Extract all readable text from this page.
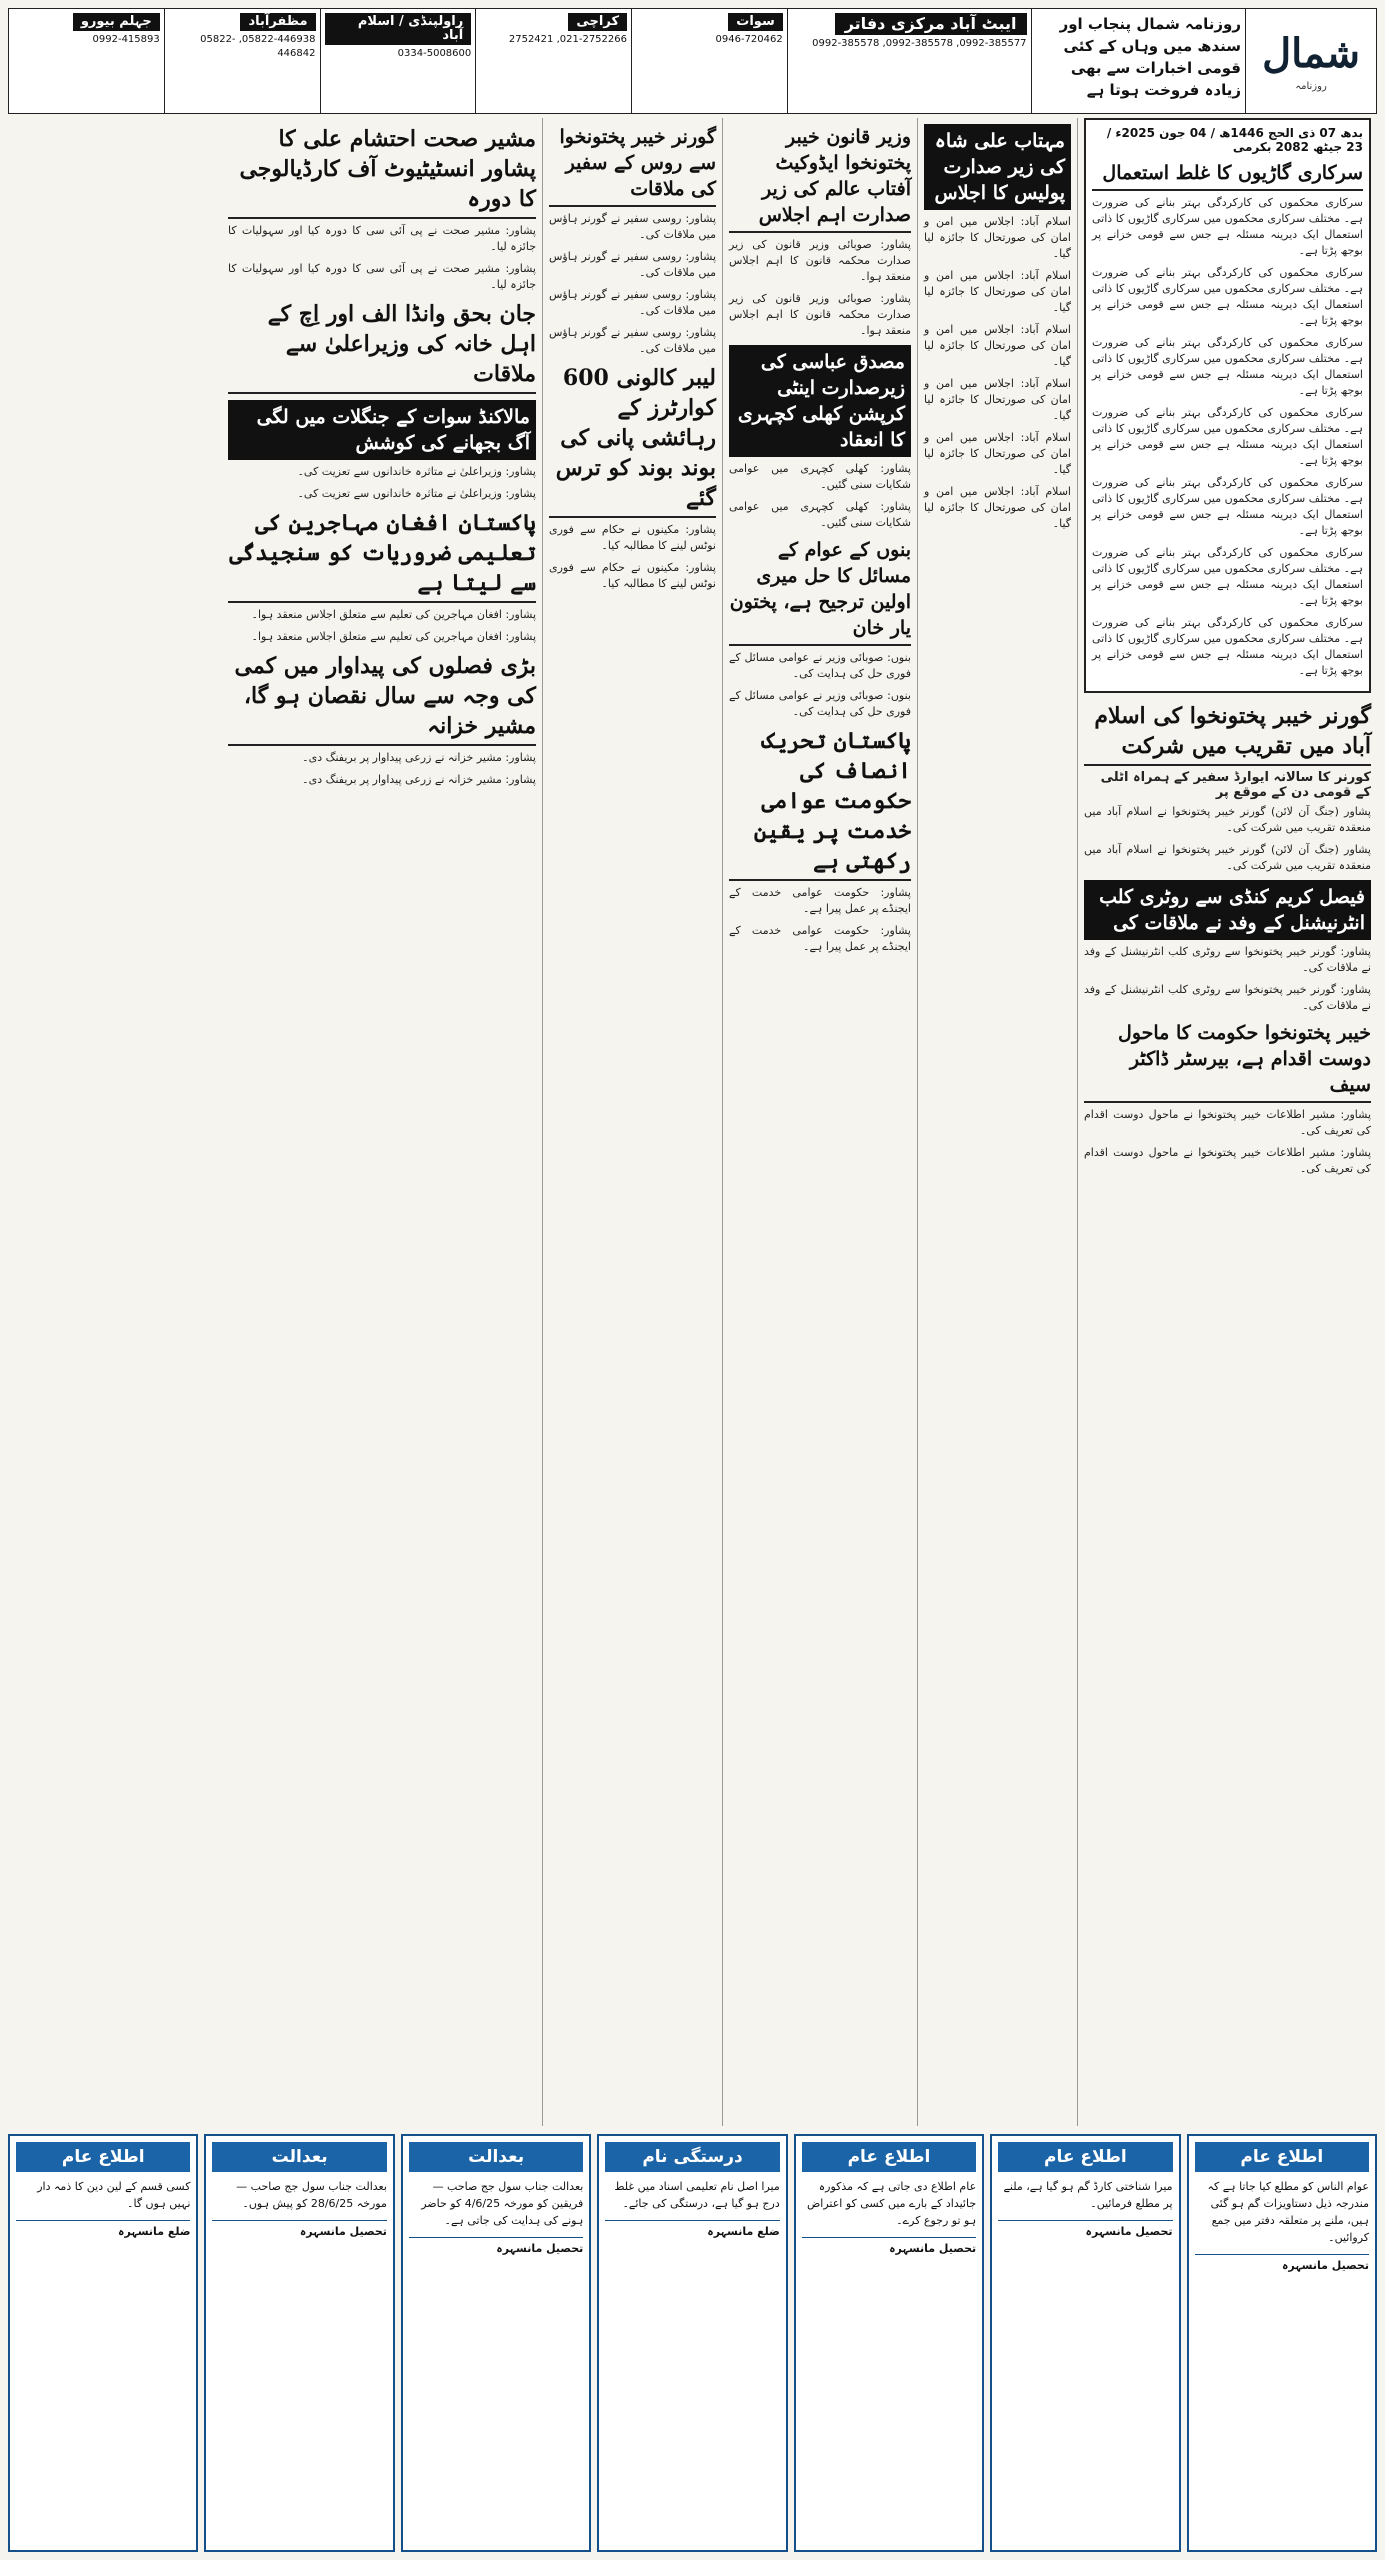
شمال
روزنامہ
روزنامہ شمال پنجاب اور سندھ میں وہاں کے کئی قومی اخبارات سے بھی زیادہ فروخت ہوتا ہے
ایبٹ آباد مرکزی دفاتر
0992-385577, 0992-385578, 0992-385578
سوات
0946-720462
کراچی
021-2752266, 2752421
راولپنڈی / اسلام آباد
0334-5008600
مظفرآباد
05822-446938, 05822-446842
جہلم بیورو
0992-415893
بدھ 07 ذی الحج 1446ھ / 04 جون 2025ء / 23 جیٹھ 2082 بکرمی
سرکاری گاڑیوں کا غلط استعمال

سرکاری محکموں کی کارکردگی بہتر بنانے کی ضرورت ہے۔ مختلف سرکاری محکموں میں سرکاری گاڑیوں کا ذاتی استعمال ایک دیرینہ مسئلہ ہے جس سے قومی خزانے پر بوجھ پڑتا ہے۔

سرکاری محکموں کی کارکردگی بہتر بنانے کی ضرورت ہے۔ مختلف سرکاری محکموں میں سرکاری گاڑیوں کا ذاتی استعمال ایک دیرینہ مسئلہ ہے جس سے قومی خزانے پر بوجھ پڑتا ہے۔

سرکاری محکموں کی کارکردگی بہتر بنانے کی ضرورت ہے۔ مختلف سرکاری محکموں میں سرکاری گاڑیوں کا ذاتی استعمال ایک دیرینہ مسئلہ ہے جس سے قومی خزانے پر بوجھ پڑتا ہے۔

سرکاری محکموں کی کارکردگی بہتر بنانے کی ضرورت ہے۔ مختلف سرکاری محکموں میں سرکاری گاڑیوں کا ذاتی استعمال ایک دیرینہ مسئلہ ہے جس سے قومی خزانے پر بوجھ پڑتا ہے۔

سرکاری محکموں کی کارکردگی بہتر بنانے کی ضرورت ہے۔ مختلف سرکاری محکموں میں سرکاری گاڑیوں کا ذاتی استعمال ایک دیرینہ مسئلہ ہے جس سے قومی خزانے پر بوجھ پڑتا ہے۔

سرکاری محکموں کی کارکردگی بہتر بنانے کی ضرورت ہے۔ مختلف سرکاری محکموں میں سرکاری گاڑیوں کا ذاتی استعمال ایک دیرینہ مسئلہ ہے جس سے قومی خزانے پر بوجھ پڑتا ہے۔

سرکاری محکموں کی کارکردگی بہتر بنانے کی ضرورت ہے۔ مختلف سرکاری محکموں میں سرکاری گاڑیوں کا ذاتی استعمال ایک دیرینہ مسئلہ ہے جس سے قومی خزانے پر بوجھ پڑتا ہے۔

گورنر خیبر پختونخوا کی اسلام آباد میں تقریب میں شرکت
کورنر کا سالانہ ایوارڈ سفیر کے ہمراہ اٹلی کے قومی دن کے موقع پر

پشاور (جنگ آن لائن) گورنر خیبر پختونخوا نے اسلام آباد میں منعقدہ تقریب میں شرکت کی۔

پشاور (جنگ آن لائن) گورنر خیبر پختونخوا نے اسلام آباد میں منعقدہ تقریب میں شرکت کی۔

فیصل کریم کنڈی سے روٹری کلب انٹرنیشنل کے وفد نے ملاقات کی

پشاور: گورنر خیبر پختونخوا سے روٹری کلب انٹرنیشنل کے وفد نے ملاقات کی۔

پشاور: گورنر خیبر پختونخوا سے روٹری کلب انٹرنیشنل کے وفد نے ملاقات کی۔

خیبر پختونخوا حکومت کا ماحول دوست اقدام ہے، بیرسٹر ڈاکٹر سیف

پشاور: مشیر اطلاعات خیبر پختونخوا نے ماحول دوست اقدام کی تعریف کی۔

پشاور: مشیر اطلاعات خیبر پختونخوا نے ماحول دوست اقدام کی تعریف کی۔

مہتاب علی شاہ کی زیر صدارت پولیس کا اجلاس

اسلام آباد: اجلاس میں امن و امان کی صورتحال کا جائزہ لیا گیا۔

اسلام آباد: اجلاس میں امن و امان کی صورتحال کا جائزہ لیا گیا۔

اسلام آباد: اجلاس میں امن و امان کی صورتحال کا جائزہ لیا گیا۔

اسلام آباد: اجلاس میں امن و امان کی صورتحال کا جائزہ لیا گیا۔

اسلام آباد: اجلاس میں امن و امان کی صورتحال کا جائزہ لیا گیا۔

اسلام آباد: اجلاس میں امن و امان کی صورتحال کا جائزہ لیا گیا۔

وزیر قانون خیبر پختونخوا ایڈوکیٹ آفتاب عالم کی زیر صدارت اہم اجلاس

پشاور: صوبائی وزیر قانون کی زیر صدارت محکمہ قانون کا اہم اجلاس منعقد ہوا۔

پشاور: صوبائی وزیر قانون کی زیر صدارت محکمہ قانون کا اہم اجلاس منعقد ہوا۔

مصدق عباسی کی زیرصدارت اینٹی کرپشن کھلی کچہری کا انعقاد

پشاور: کھلی کچہری میں عوامی شکایات سنی گئیں۔

پشاور: کھلی کچہری میں عوامی شکایات سنی گئیں۔

بنوں کے عوام کے مسائل کا حل میری اولین ترجیح ہے، پختون یار خان

بنوں: صوبائی وزیر نے عوامی مسائل کے فوری حل کی ہدایت کی۔

بنوں: صوبائی وزیر نے عوامی مسائل کے فوری حل کی ہدایت کی۔

پاکستان تحریک انصاف کی حکومت عوامی خدمت پر یقین رکھتی ہے

پشاور: حکومت عوامی خدمت کے ایجنڈے پر عمل پیرا ہے۔

پشاور: حکومت عوامی خدمت کے ایجنڈے پر عمل پیرا ہے۔

گورنر خیبر پختونخوا سے روس کے سفیر کی ملاقات

پشاور: روسی سفیر نے گورنر ہاؤس میں ملاقات کی۔

پشاور: روسی سفیر نے گورنر ہاؤس میں ملاقات کی۔

پشاور: روسی سفیر نے گورنر ہاؤس میں ملاقات کی۔

پشاور: روسی سفیر نے گورنر ہاؤس میں ملاقات کی۔

لیبر کالونی 600 کوارٹرز کے رہائشی پانی کی بوند بوند کو ترس گئے

پشاور: مکینوں نے حکام سے فوری نوٹس لینے کا مطالبہ کیا۔

پشاور: مکینوں نے حکام سے فوری نوٹس لینے کا مطالبہ کیا۔

مشیر صحت احتشام علی کا پشاور انسٹیٹیوٹ آف کارڈیالوجی کا دورہ

پشاور: مشیر صحت نے پی آئی سی کا دورہ کیا اور سہولیات کا جائزہ لیا۔

پشاور: مشیر صحت نے پی آئی سی کا دورہ کیا اور سہولیات کا جائزہ لیا۔

جان بحق وانڈا الف اور اِچ کے اہل خانہ کی وزیراعلیٰ سے ملاقات
مالاکنڈ سوات کے جنگلات میں لگی آگ بجھانے کی کوشش

پشاور: وزیراعلیٰ نے متاثرہ خاندانوں سے تعزیت کی۔

پشاور: وزیراعلیٰ نے متاثرہ خاندانوں سے تعزیت کی۔

پاکستان افغان مہاجرین کی تعلیمی ضروریات کو سنجیدگی سے لیتا ہے

پشاور: افغان مہاجرین کی تعلیم سے متعلق اجلاس منعقد ہوا۔

پشاور: افغان مہاجرین کی تعلیم سے متعلق اجلاس منعقد ہوا۔

بڑی فصلوں کی پیداوار میں کمی کی وجہ سے سال نقصان ہو گا، مشیر خزانہ

پشاور: مشیر خزانہ نے زرعی پیداوار پر بریفنگ دی۔

پشاور: مشیر خزانہ نے زرعی پیداوار پر بریفنگ دی۔

اطلاع عام
عوام الناس کو مطلع کیا جاتا ہے کہ مندرجہ ذیل دستاویزات گم ہو گئی ہیں، ملنے پر متعلقہ دفتر میں جمع کروائیں۔
تحصیل مانسہرہ
اطلاع عام
میرا شناختی کارڈ گم ہو گیا ہے، ملنے پر مطلع فرمائیں۔
تحصیل مانسہرہ
اطلاع عام
عام اطلاع دی جاتی ہے کہ مذکورہ جائیداد کے بارے میں کسی کو اعتراض ہو تو رجوع کرے۔
تحصیل مانسہرہ
درستگی نام
میرا اصل نام تعلیمی اسناد میں غلط درج ہو گیا ہے، درستگی کی جائے۔
ضلع مانسہرہ
بعدالت
بعدالت جناب سول جج صاحب — فریقین کو مورخہ 4/6/25 کو حاضر ہونے کی ہدایت کی جاتی ہے۔
تحصیل مانسہرہ
بعدالت
بعدالت جناب سول جج صاحب — مورخہ 28/6/25 کو پیش ہوں۔
تحصیل مانسہرہ
اطلاع عام
کسی قسم کے لین دین کا ذمہ دار نہیں ہوں گا۔
ضلع مانسہرہ
